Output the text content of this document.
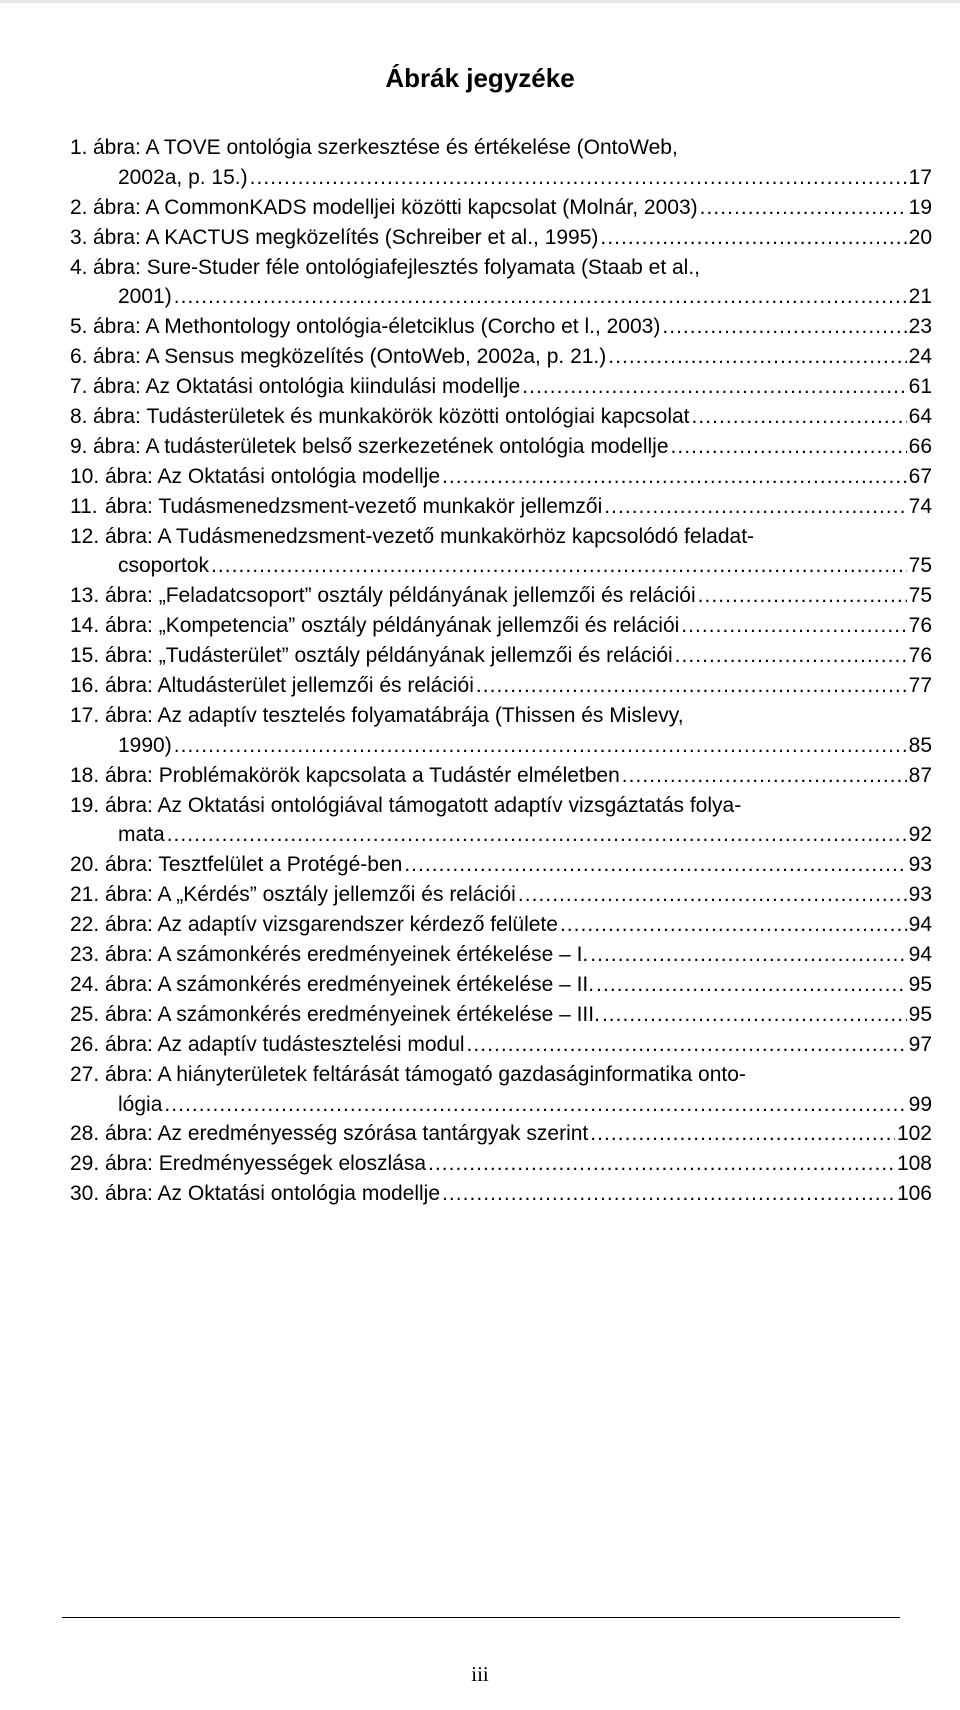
Ábrák jegyzéke
1. ábra: A TOVE ontológia szerkesztése és értékelése (OntoWeb,
2002a, p. 15.) . . .	17
2. ábra: A CommonKADS modelljei közötti kapcsolat (Molnár, 2003) . . .	19
3. ábra: A KACTUS megközelítés (Schreiber et al., 1995) . . .	20
4. ábra: Sure-Studer féle ontológiafejlesztés folyamata (Staab et al.,
2001) . . .	21
5. ábra: A Methontology ontológia-életciklus (Corcho et l., 2003) . . .	23
6. ábra: A Sensus megközelítés (OntoWeb, 2002a, p. 21.) . . .	24
7. ábra: Az Oktatási ontológia kiindulási modellje . . .	61
8. ábra: Tudásterületek és munkakörök közötti ontológiai kapcsolat . . .	64
9. ábra: A tudásterületek belső szerkezetének ontológia modellje . . .	66
10. ábra: Az Oktatási ontológia modellje . . .	67
11. ábra: Tudásmenedzsment-vezető munkakör jellemzői . . .	74
12. ábra: A Tudásmenedzsment-vezető munkakörhöz kapcsolódó feladat-
csoportok . . .	75
13. ábra: „Feladatcsoport” osztály példányának jellemzői és relációi . . .	75
14. ábra: „Kompetencia” osztály példányának jellemzői és relációi . . .	76
15. ábra: „Tudásterület” osztály példányának jellemzői és relációi . . .	76
16. ábra: Altudásterület jellemzői és relációi . . .	77
17. ábra: Az adaptív tesztelés folyamatábrája (Thissen és Mislevy,
1990) . . .	85
18. ábra: Problémakörök kapcsolata a Tudástér elméletben . . .	87
19. ábra: Az Oktatási ontológiával támogatott adaptív vizsgáztatás folya-
mata . . .	92
20. ábra: Tesztfelület a Protégé-ben . . .	93
21. ábra: A „Kérdés” osztály jellemzői és relációi . . .	93
22. ábra: Az adaptív vizsgarendszer kérdező felülete . . .	94
23. ábra: A számonkérés eredményeinek értékelése – I. . . .	94
24. ábra: A számonkérés eredményeinek értékelése – II. . . .	95
25. ábra: A számonkérés eredményeinek értékelése – III. . . .	95
26. ábra: Az adaptív tudástesztelési modul . . .	97
27. ábra: A hiányterületek feltárását támogató gazdaságinformatika onto-
lógia . . .	99
28. ábra: Az eredményesség szórása tantárgyak szerint . . .	102
29. ábra: Eredményességek eloszlása . . .	108
30. ábra: Az Oktatási ontológia modellje . . .	106
iii
